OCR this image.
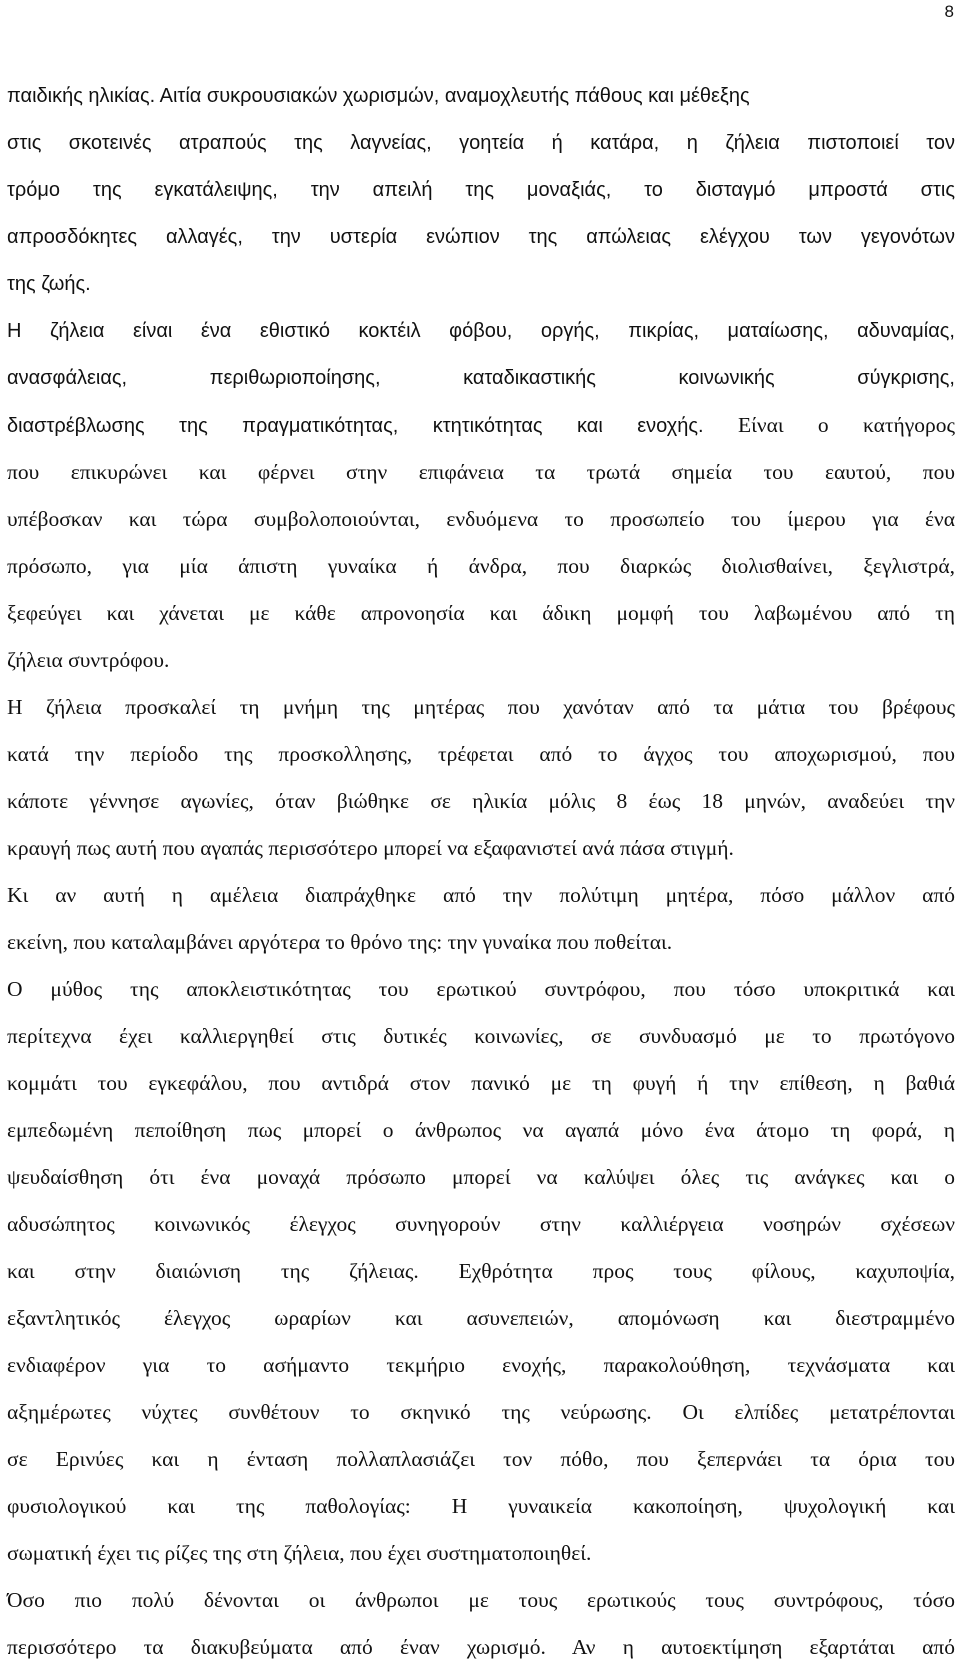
8
παιδικής ηλικίας. Αιτία συκρουσιακών χωρισμών, αναμοχλευτής πάθους και μέθεξης
στις σκοτεινές ατραπούς της λαγνείας, γοητεία ή κατάρα, η ζήλεια πιστοποιεί τον
τρόμο της εγκατάλειψης, την απειλή της μοναξιάς, το δισταγμό μπροστά στις
απροσδόκητες αλλαγές, την υστερία ενώπιον της απώλειας ελέγχου των γεγονότων
της ζωής.
Η ζήλεια είναι ένα εθιστικό κοκτέιλ φόβου, οργής, πικρίας, ματαίωσης, αδυναμίας,
ανασφάλειας, περιθωριοποίησης, καταδικαστικής κοινωνικής σύγκρισης,
διαστρέβλωσης της πραγματικότητας, κτητικότητας και ενοχής. Είναι ο κατήγορος
που επικυρώνει και φέρνει στην επιφάνεια τα τρωτά σημεία του εαυτού, που
υπέβοσκαν και τώρα συμβολοποιούνται, ενδυόμενα το προσωπείο του ίμερου για ένα
πρόσωπο, για μία άπιστη γυναίκα ή άνδρα, που διαρκώς διολισθαίνει, ξεγλιστρά,
ξεφεύγει και χάνεται με κάθε απρονοησία και άδικη μομφή του λαβωμένου από τη
ζήλεια συντρόφου.
Η ζήλεια προσκαλεί τη μνήμη της μητέρας που χανόταν από τα μάτια του βρέφους
κατά την περίοδο της προσκολλησης, τρέφεται από το άγχος του αποχωρισμού, που
κάποτε γέννησε αγωνίες, όταν βιώθηκε σε ηλικία μόλις 8 έως 18 μηνών, αναδεύει την
κραυγή πως αυτή που αγαπάς περισσότερο μπορεί να εξαφανιστεί ανά πάσα στιγμή.
Κι αν αυτή η αμέλεια διαπράχθηκε από την πολύτιμη μητέρα, πόσο μάλλον από
εκείνη, που καταλαμβάνει αργότερα το θρόνο της: την γυναίκα που ποθείται.
Ο μύθος της αποκλειστικότητας του ερωτικού συντρόφου, που τόσο υποκριτικά και
περίτεχνα έχει καλλιεργηθεί στις δυτικές κοινωνίες, σε συνδυασμό με το πρωτόγονο
κομμάτι του εγκεφάλου, που αντιδρά στον πανικό με τη φυγή ή την επίθεση, η βαθιά
εμπεδωμένη πεποίθηση πως μπορεί ο άνθρωπος να αγαπά μόνο ένα άτομο τη φορά, η
ψευδαίσθηση ότι ένα μοναχά πρόσωπο μπορεί να καλύψει όλες τις ανάγκες και ο
αδυσώπητος κοινωνικός έλεγχος συνηγορούν στην καλλιέργεια νοσηρών σχέσεων
και στην διαιώνιση της ζήλειας. Εχθρότητα προς τους φίλους, καχυποψία,
εξαντλητικός έλεγχος ωραρίων και ασυνεπειών, απομόνωση και διεστραμμένο
ενδιαφέρον για το ασήμαντο τεκμήριο ενοχής, παρακολούθηση, τεχνάσματα και
αξημέρωτες νύχτες συνθέτουν το σκηνικό της νεύρωσης. Οι ελπίδες μετατρέπονται
σε Ερινύες και η ένταση πολλαπλασιάζει τον πόθο, που ξεπερνάει τα όρια του
φυσιολογικού και της παθολογίας: Η γυναικεία κακοποίηση, ψυχολογική και
σωματική έχει τις ρίζες της στη ζήλεια, που έχει συστηματοποιηθεί.
Όσο πιο πολύ δένονται οι άνθρωποι με τους ερωτικούς τους συντρόφους, τόσο
περισσότερο τα διακυβεύματα από έναν χωρισμό. Αν η αυτοεκτίμηση εξαρτάται από
